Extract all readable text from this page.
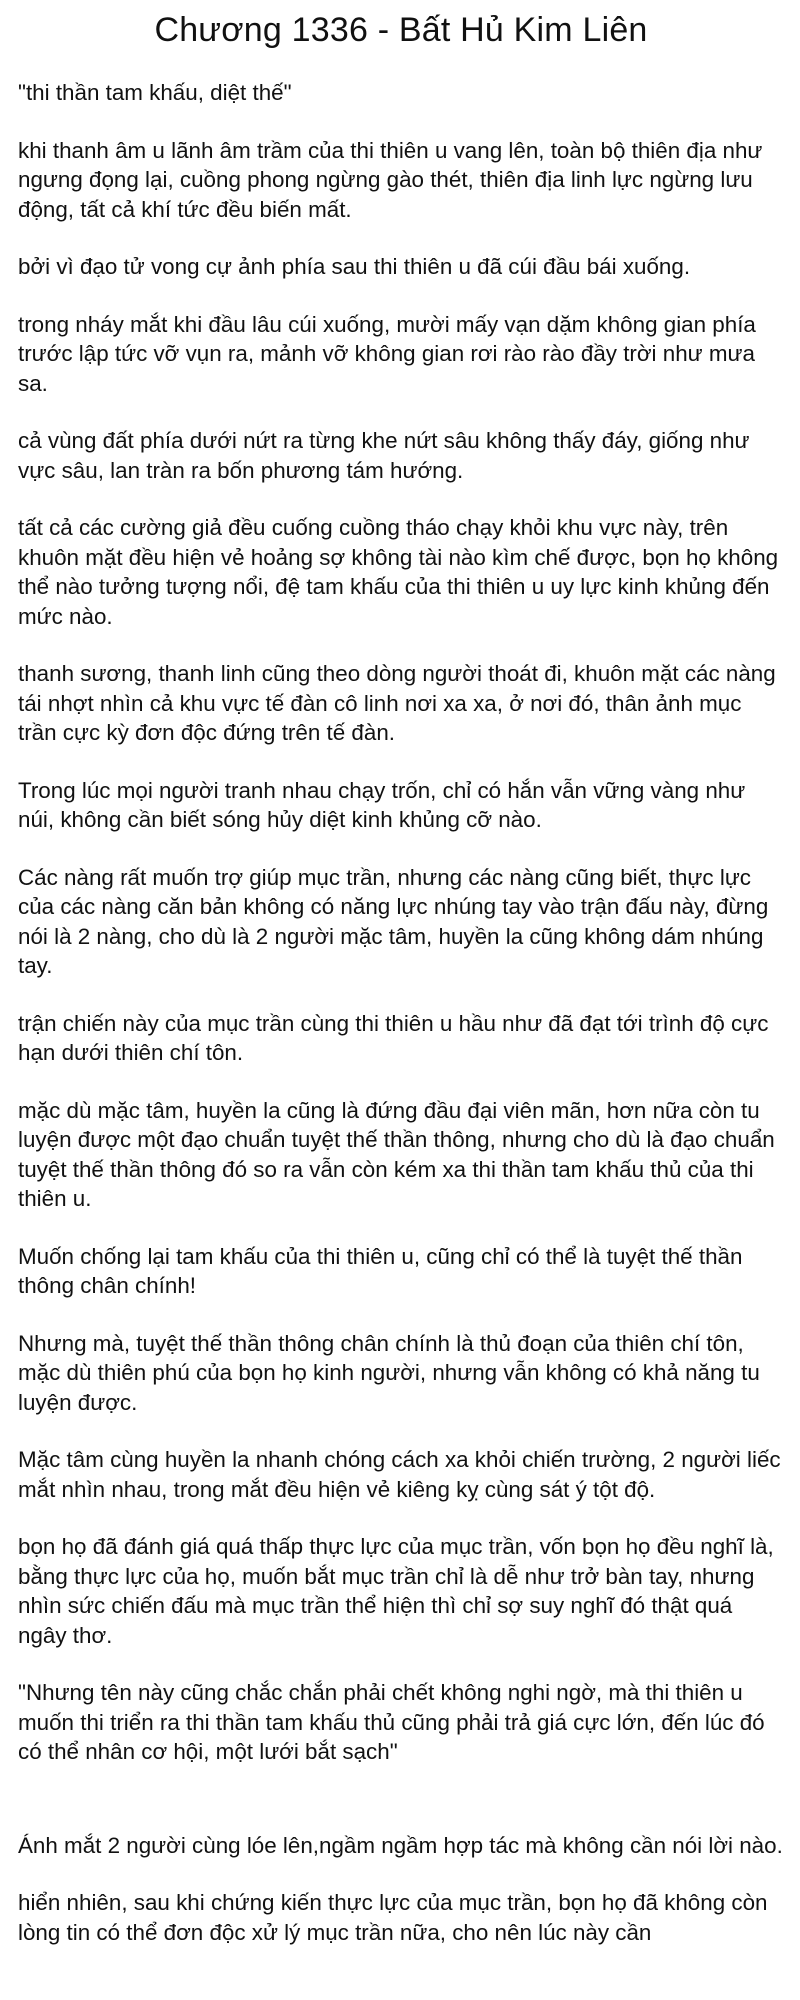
Chương 1336 - Bất Hủ Kim Liên

"thi thần tam khấu, diệt thế"

khi thanh âm u lãnh âm trầm của thi thiên u vang lên, toàn bộ thiên địa như ngưng đọng lại, cuồng phong ngừng gào thét, thiên địa linh lực ngừng lưu động, tất cả khí tức đều biến mất.

bởi vì đạo tử vong cự ảnh phía sau thi thiên u đã cúi đầu bái xuống.

trong nháy mắt khi đầu lâu cúi xuống, mười mấy vạn dặm không gian phía trước lập tức vỡ vụn ra, mảnh vỡ không gian rơi rào rào đầy trời như mưa sa.

cả vùng đất phía dưới nứt ra từng khe nứt sâu không thấy đáy, giống như vực sâu, lan tràn ra bốn phương tám hướng.

tất cả các cường giả đều cuống cuồng tháo chạy khỏi khu vực này, trên khuôn mặt đều hiện vẻ hoảng sợ không tài nào kìm chế được, bọn họ không thể nào tưởng tượng nổi, đệ tam khấu của thi thiên u uy lực kinh khủng đến mức nào.

thanh sương, thanh linh cũng theo dòng người thoát đi, khuôn mặt các nàng tái nhợt nhìn cả khu vực tế đàn cô linh nơi xa xa, ở nơi đó, thân ảnh mục trần cực kỳ đơn độc đứng trên tế đàn.

Trong lúc mọi người tranh nhau chạy trốn, chỉ có hắn vẫn vững vàng như núi, không cần biết sóng hủy diệt kinh khủng cỡ nào.

Các nàng rất muốn trợ giúp mục trần, nhưng các nàng cũng biết, thực lực của các nàng căn bản không có năng lực nhúng tay vào trận đấu này, đừng nói là 2 nàng, cho dù là 2 người mặc tâm, huyền la cũng không dám nhúng tay.

trận chiến này của mục trần cùng thi thiên u hầu như đã đạt tới trình độ cực hạn dưới thiên chí tôn.

mặc dù mặc tâm, huyền la cũng là đứng đầu đại viên mãn, hơn nữa còn tu luyện được một đạo chuẩn tuyệt thế thần thông, nhưng cho dù là đạo chuẩn tuyệt thế thần thông đó so ra vẫn còn kém xa thi thần tam khấu thủ của thi thiên u.

Muốn chống lại tam khấu của thi thiên u, cũng chỉ có thể là tuyệt thế thần thông chân chính!

Nhưng mà, tuyệt thế thần thông chân chính là thủ đoạn của thiên chí tôn, mặc dù thiên phú của bọn họ kinh người, nhưng vẫn không có khả năng tu luyện được.

Mặc tâm cùng huyền la nhanh chóng cách xa khỏi chiến trường, 2 người liếc mắt nhìn nhau, trong mắt đều hiện vẻ kiêng kỵ cùng sát ý tột độ.

bọn họ đã đánh giá quá thấp thực lực của mục trần, vốn bọn họ đều nghĩ là, bằng thực lực của họ, muốn bắt mục trần chỉ là dễ như trở bàn tay, nhưng nhìn sức chiến đấu mà mục trần thể hiện thì chỉ sợ suy nghĩ đó thật quá ngây thơ.

"Nhưng tên này cũng chắc chắn phải chết không nghi ngờ, mà thi thiên u muốn thi triển ra thi thần tam khấu thủ cũng phải trả giá cực lớn, đến lúc đó có thể nhân cơ hội, một lưới bắt sạch"

Ánh mắt 2 người cùng lóe lên,ngầm ngầm hợp tác mà không cần nói lời nào.

hiển nhiên, sau khi chứng kiến thực lực của mục trần, bọn họ đã không còn lòng tin có thể đơn độc xử lý mục trần nữa, cho nên lúc này cần
